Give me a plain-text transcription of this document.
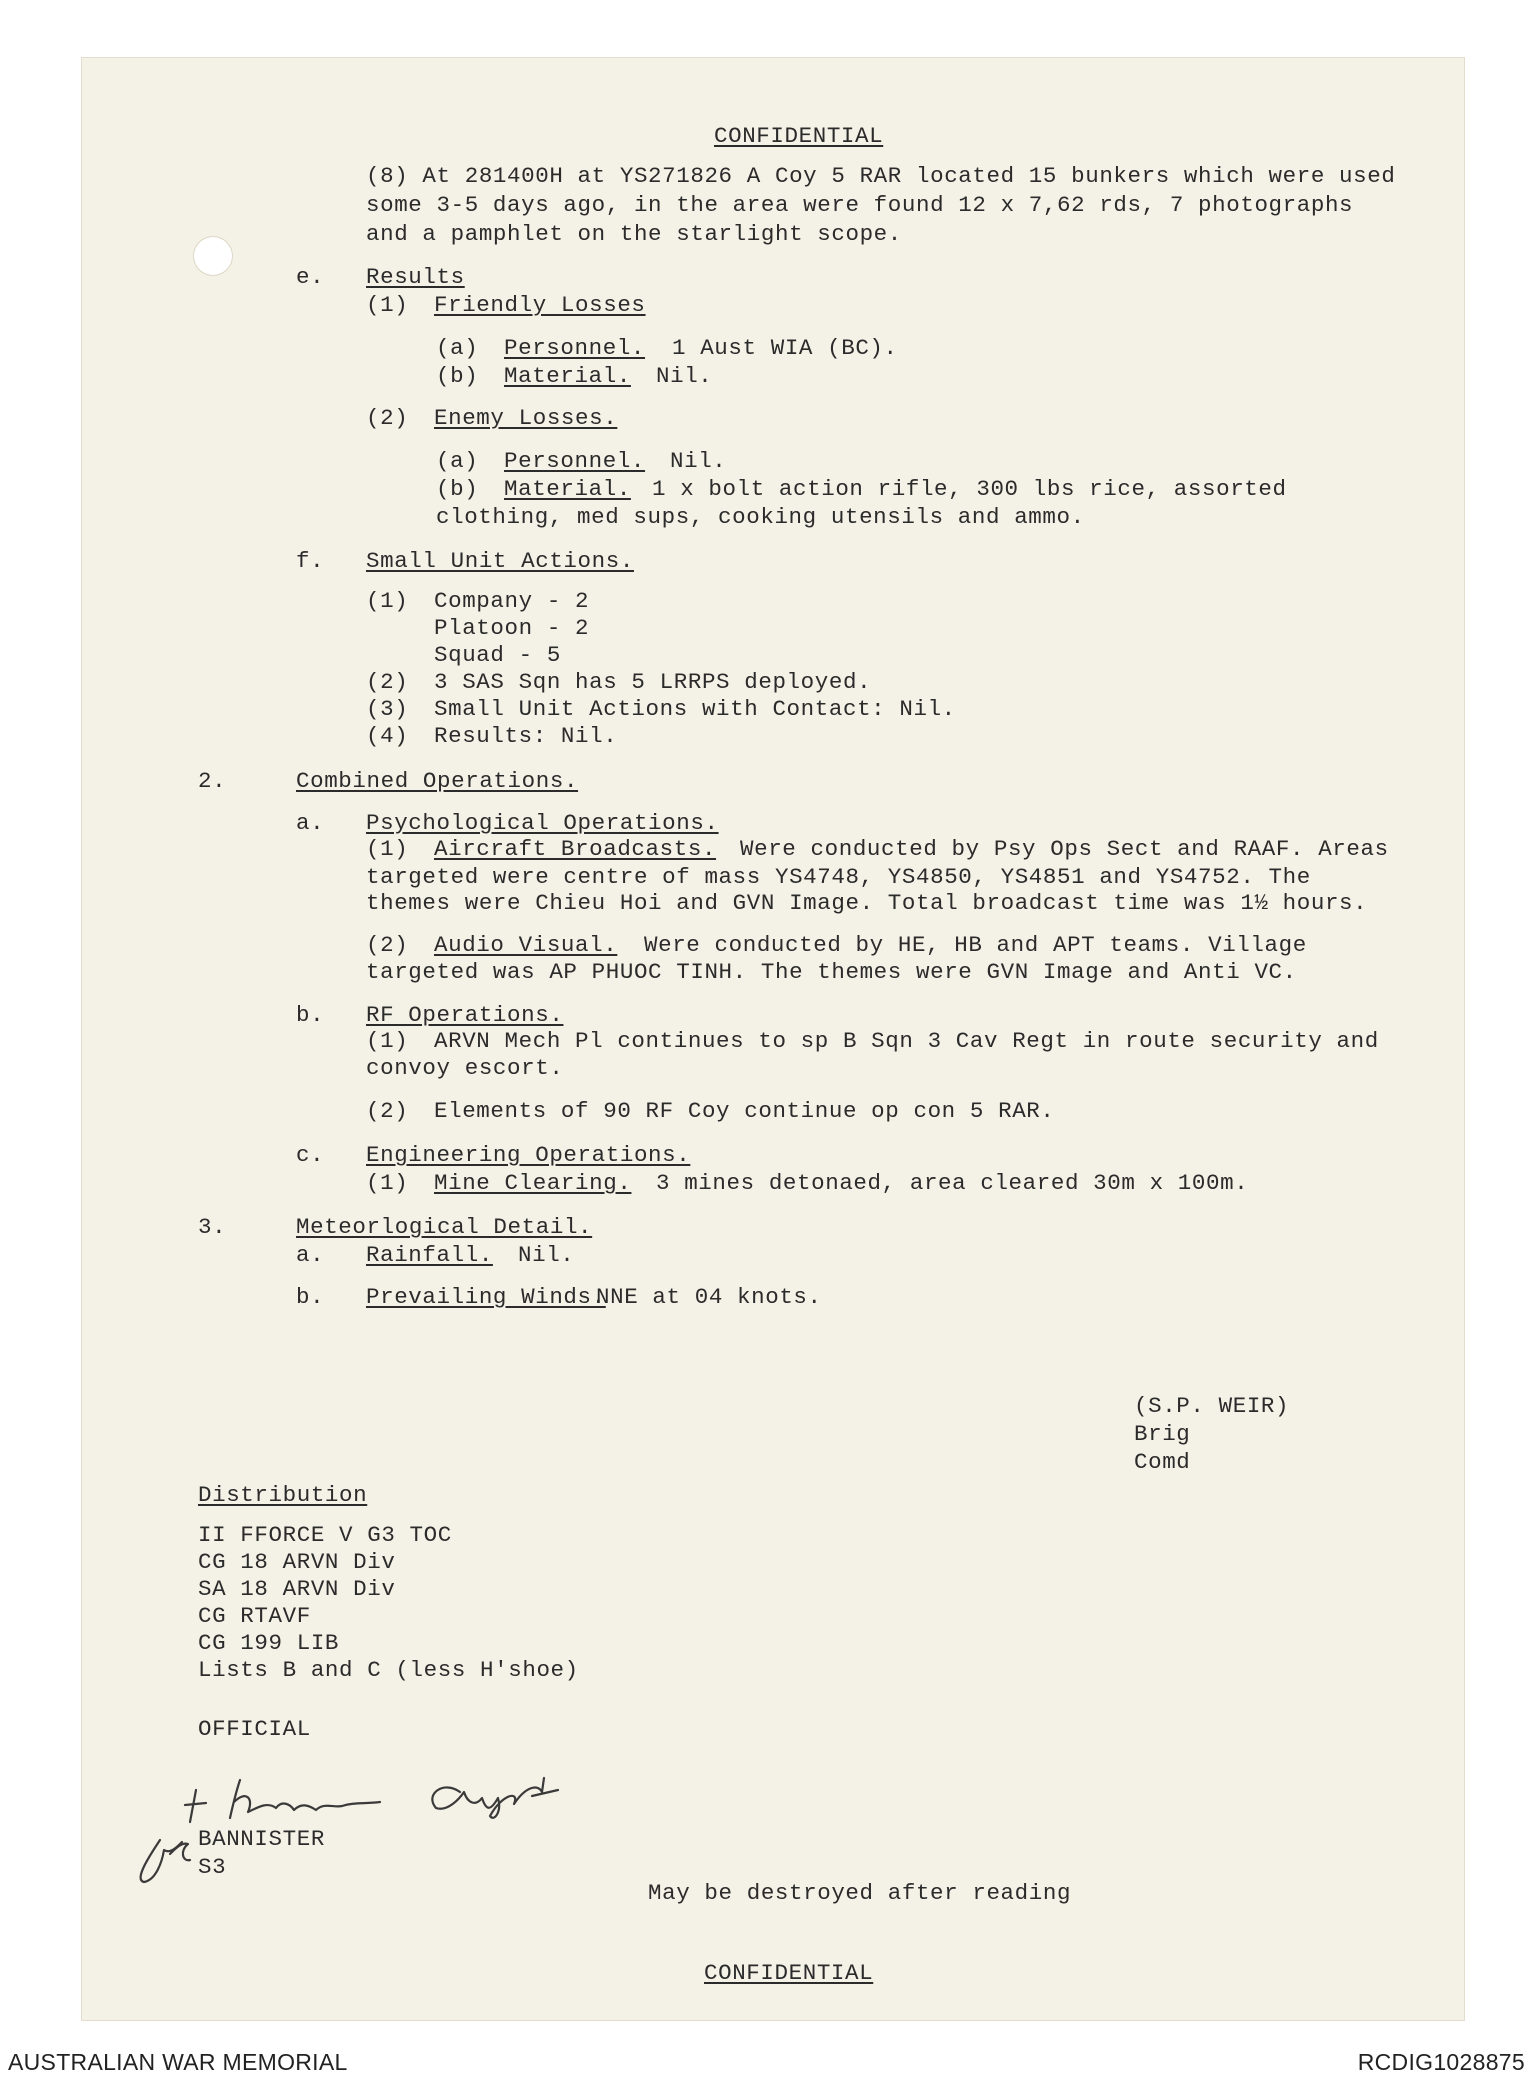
CONFIDENTIAL
(8) At 281400H at YS271826 A Coy 5 RAR located 15 bunkers which were used
some 3-5 days ago, in the area were found 12 x 7,62 rds, 7 photographs
and a pamphlet on the starlight scope.
e. Results
(1) Friendly Losses
(a) Personnel. 1 Aust WIA (BC).
(b) Material. Nil.
(2) Enemy Losses.
(a) Personnel. Nil.
(b) Material. 1 x bolt action rifle, 300 lbs rice, assorted
clothing, med sups, cooking utensils and ammo.
f. Small Unit Actions.
(1) Company - 2
Platoon - 2
Squad - 5
(2) 3 SAS Sqn has 5 LRRPS deployed.
(3) Small Unit Actions with Contact: Nil.
(4) Results: Nil.
2.	Combined Operations.
a. Psychological Operations.
(1) Aircraft Broadcasts. Were conducted by Psy Ops Sect and RAAF. Areas
targeted were centre of mass YS4748, YS4850, YS4851 and YS4752. The
themes were Chieu Hoi and GVN Image. Total broadcast time was 1½ hours.
(2) Audio Visual. Were conducted by HE, HB and APT teams. Village
targeted was AP PHUOC TINH. The themes were GVN Image and Anti VC.
b. RF Operations.
(1) ARVN Mech Pl continues to sp B Sqn 3 Cav Regt in route security and
convoy escort.
(2) Elements of 90 RF Coy continue op con 5 RAR.
c. Engineering Operations.
(1) Mine Clearing. 3 mines detonaed, area cleared 30m x 100m.
3.	Meteorlogical Detail.
a. Rainfall. Nil.
b. Prevailing Winds.
NNE at 04 knots.
(S.P. WEIR)
Brig
Comd
Distribution
II FFORCE V G3 TOC
CG 18 ARVN Div
SA 18 ARVN Div
CG RTAVF
CG 199 LIB
Lists B and C (less H'shoe)
OFFICIAL
BANNISTER
S3
May be destroyed after reading
CONFIDENTIAL
AUSTRALIAN WAR MEMORIAL	RCDIG1028875
